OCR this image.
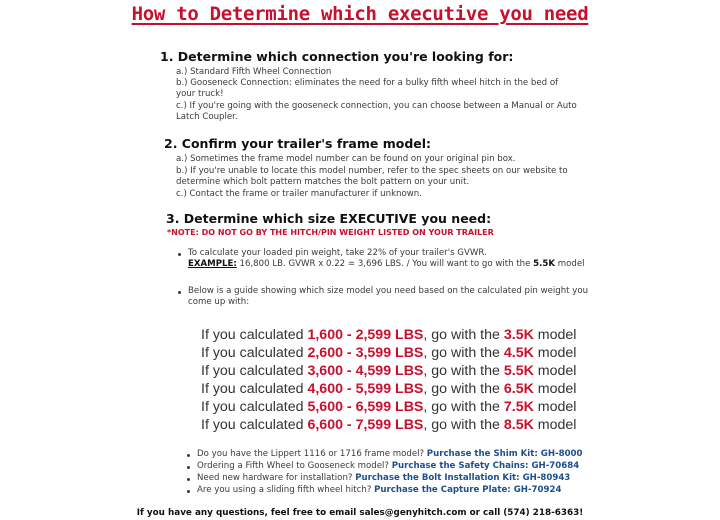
How to Determine which executive you need
1. Determine which connection you're looking for:
a.) Standard Fifth Wheel Connection
b.) Gooseneck Connection: eliminates the need for a bulky fifth wheel hitch in the bed of
your truck!
c.) If you're going with the gooseneck connection, you can choose between a Manual or Auto
Latch Coupler.
2. Confirm your trailer's frame model:
a.) Sometimes the frame model number can be found on your original pin box.
b.) If you're unable to locate this model number, refer to the spec sheets on our website to
determine which bolt pattern matches the bolt pattern on your unit.
c.) Contact the frame or trailer manufacturer if unknown.
3. Determine which size EXECUTIVE you need:
*NOTE: DO NOT GO BY THE HITCH/PIN WEIGHT LISTED ON YOUR TRAILER
To calculate your loaded pin weight, take 22% of your trailer's GVWR.
EXAMPLE: 16,800 LB. GVWR x 0.22 = 3,696 LBS. / You will want to go with the 5.5K model
Below is a guide showing which size model you need based on the calculated pin weight you
come up with:
If you calculated 1,600 - 2,599 LBS, go with the 3.5K model
If you calculated 2,600 - 3,599 LBS, go with the 4.5K model
If you calculated 3,600 - 4,599 LBS, go with the 5.5K model
If you calculated 4,600 - 5,599 LBS, go with the 6.5K model
If you calculated 5,600 - 6,599 LBS, go with the 7.5K model
If you calculated 6,600 - 7,599 LBS, go with the 8.5K model
Do you have the Lippert 1116 or 1716 frame model? Purchase the Shim Kit: GH-8000
Ordering a Fifth Wheel to Gooseneck model? Purchase the Safety Chains: GH-70684
Need new hardware for installation? Purchase the Bolt Installation Kit: GH-80943
Are you using a sliding fifth wheel hitch? Purchase the Capture Plate: GH-70924
If you have any questions, feel free to email sales@genyhitch.com or call (574) 218-6363!
